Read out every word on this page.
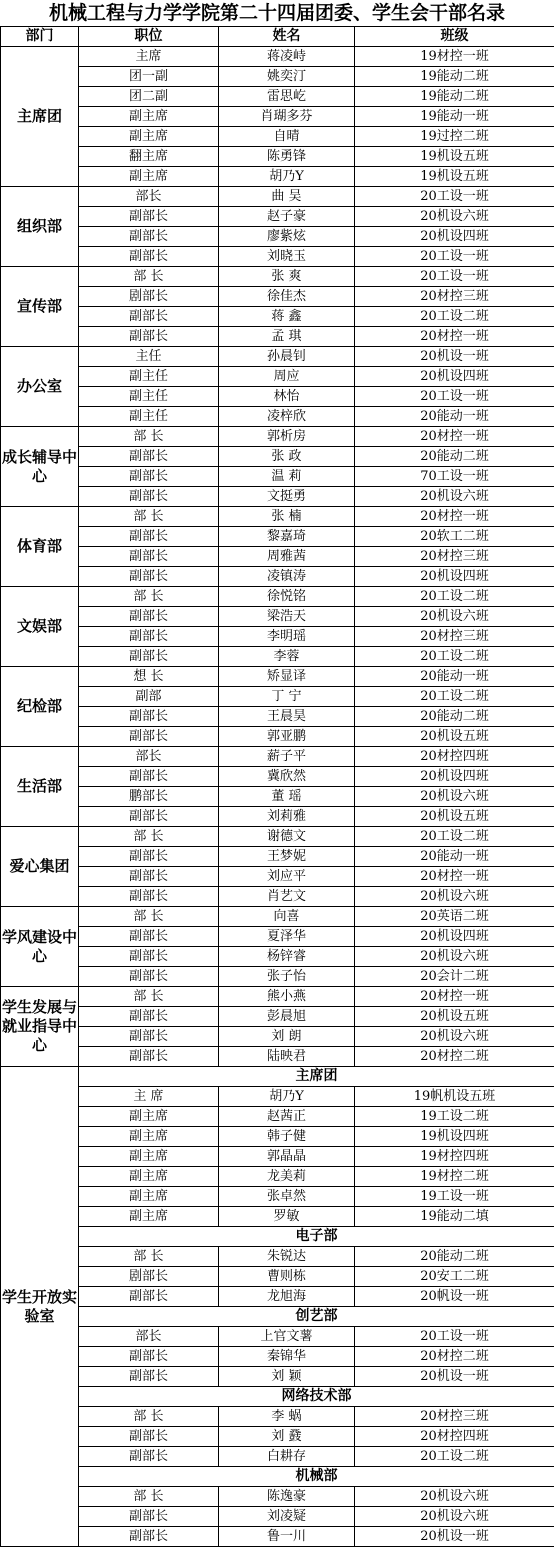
机械工程与力学学院第二十四届团委、学生会干部名录
部门	职位	姓名	班级
主席团	主席	蒋凌峙	19材控一班
	团一副	姚奕汀	19能动二班
	团二副	雷思屹	19能动二班
	副主席	肖瑚多芬	19能动一班
	副主席	自晴	19过控二班
	翻主席	陈勇锋	19机设五班
	副主席	胡乃Y	19机设五班
组织部	部长	曲 吴	20工设一班
	副部长	赵子豪	20机设六班
	副部长	廖紫炫	20机设四班
	副部长	刘晓玉	20工设一班
宣传部	部 长	张 爽	20工设一班
	剧部长	徐佳杰	20材控三班
	副部长	蒋 鑫	20工设二班
	副部长	孟 琪	20材控一班
办公室	主任	孙晨钊	20机设一班
	副主任	周应	20机设四班
	副主任	林怡	20工设一班
	副主任	凌梓欣	20能动一班
成长辅导中心	部 长	郭析房	20材控一班
	副部长	张 政	20能动二班
	副部长	温 莉	70工设一班
	副部长	文挺勇	20机设六班
体育部	部 长	张 楠	20材控一班
	副部长	黎嘉琦	20软工二班
	副部长	周雅茜	20材控三班
	副部长	凌镇涛	20机设四班
文娱部	部 长	徐悦铭	20工设二班
	副部长	梁浩天	20机设六班
	副部长	李明瑶	20材控三班
	副部长	李蓉	20工设二班
纪检部	想 长	矫显译	20能动一班
	副部	丁 宁	20工设二班
	副部长	王晨昊	20能动二班
	副部长	郭亚鹏	20机设五班
生活部	部长	薪子平	20材控四班
	副部长	冀欣然	20机设四班
	鹏部长	董 瑶	20机设六班
	副部长	刘莉雅	20机设五班
爱心集团	部 长	谢德文	20工设二班
	副部长	王梦妮	20能动一班
	副部长	刘应平	20材控一班
	副部长	肖艺文	20机设六班
学风建设中心	部 长	向喜	20英语二班
	副部长	夏泽华	20机设四班
	副部长	杨锌睿	20机设六班
	副部长	张子怡	20会计二班
学生发展与就业指导中心	部 长	熊小燕	20材控一班
	副部长	彭晨旭	20机设五班
	副部长	刘 朗	20机设六班
	副部长	陆映君	20材控二班
学生开放实验室	主席团		
	主 席	胡乃Y	19帆机设五班
	副主席	赵茜正	19工设二班
	副主席	韩子健	19机设四班
	副主席	郭晶晶	19材控四班
	副主席	龙美莉	19材控二班
	副主席	张卓然	19工设一班
	副主席	罗敏	19能动二填
	电子部		
	部 长	朱锐达	20能动二班
	剧部长	曹则栋	20安工二班
	副部长	龙旭海	20帆设一班
	创艺部		
	部长	上官文薯	20工设一班
	副部长	秦锦华	20材控二班
	副部长	刘 颖	20机设一班
	网络技术部		
	部 长	李 蜗	20材控三班
	副部长	刘 鼗	20材控四班
	副部长	白耕存	20工设二班
	机械部		
	部 长	陈逸豪	20机设六班
	副部长	刘凌疑	20机设六班
	副部长	鲁一川	20机设一班
